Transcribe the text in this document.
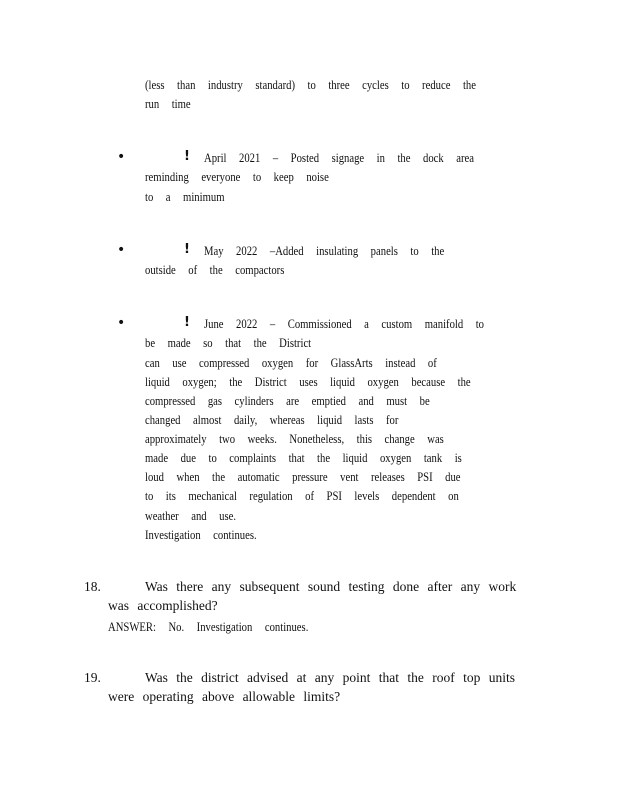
(less than industry standard) to three cycles to reduce the
run time
•	! April 2021 – Posted signage in the dock area
reminding everyone to keep noise
to a minimum
•	! May 2022 –Added insulating panels to the
outside of the compactors
•	! June 2022 – Commissioned a custom manifold to
be made so that the District
can use compressed oxygen for GlassArts instead of
liquid oxygen; the District uses liquid oxygen because the
compressed gas cylinders are emptied and must be
changed almost daily, whereas liquid lasts for
approximately two weeks. Nonetheless, this change was
made due to complaints that the liquid oxygen tank is
loud when the automatic pressure vent releases PSI due
to its mechanical regulation of PSI levels dependent on
weather and use.
Investigation continues.
18.	Was there any subsequent sound testing done after any work
was accomplished?
ANSWER: No. Investigation continues.
19.	Was the district advised at any point that the roof top units
were operating above allowable limits?
